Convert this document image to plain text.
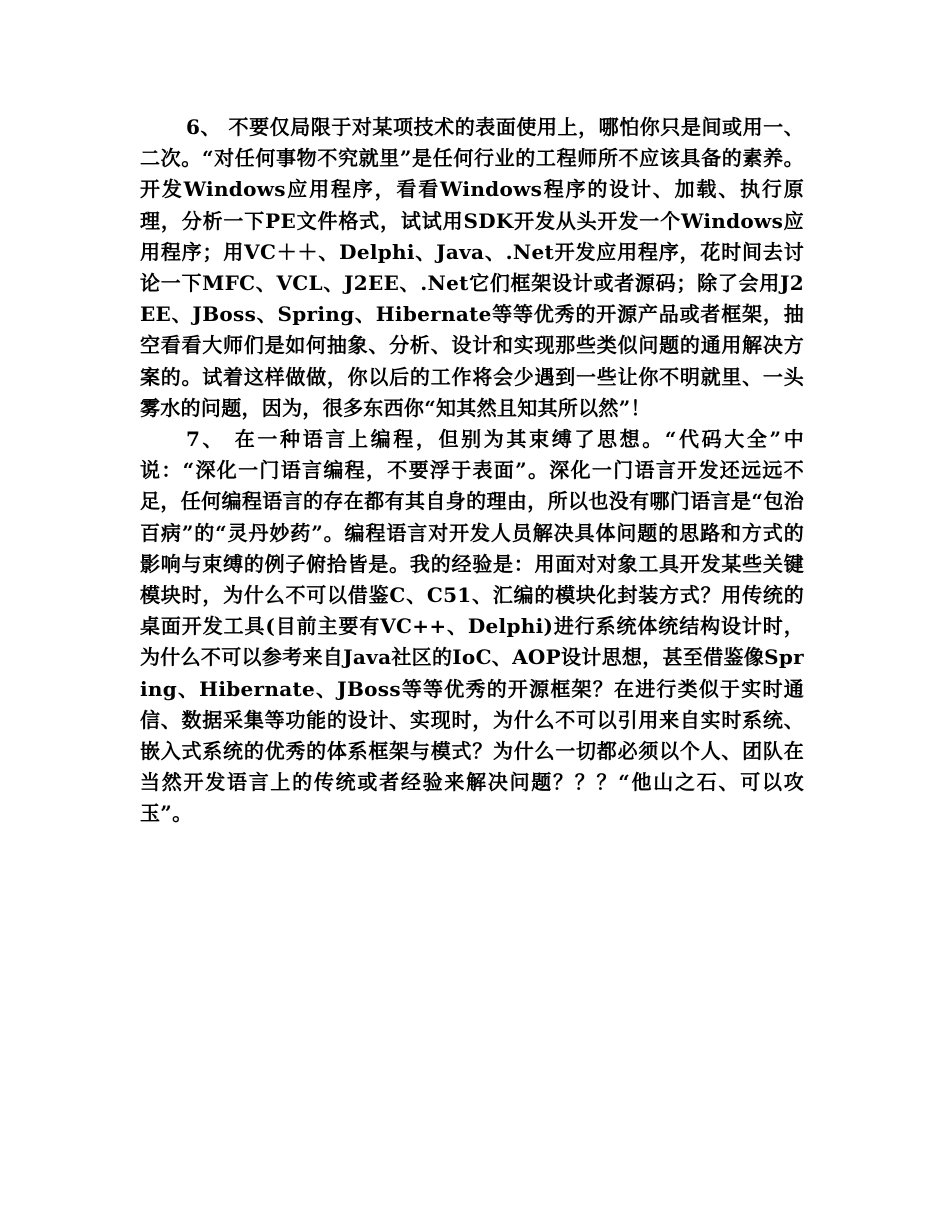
6、 不要仅局限于对某项技术的表面使用上，哪怕你只是间或用一、二次。“对任何事物不究就里”是任何行业的工程师所不应该具备的素养。开发Windows应用程序，看看Windows程序的设计、加载、执行原理，分析一下PE文件格式，试试用SDK开发从头开发一个Windows应用程序；用VC＋＋、Delphi、Java、.Net开发应用程序，花时间去讨论一下MFC、VCL、J2EE、.Net它们框架设计或者源码；除了会用J2EE、JBoss、Spring、Hibernate等等优秀的开源产品或者框架，抽空看看大师们是如何抽象、分析、设计和实现那些类似问题的通用解决方案的。试着这样做做，你以后的工作将会少遇到一些让你不明就里、一头雾水的问题，因为，很多东西你“知其然且知其所以然”！

7、 在一种语言上编程，但别为其束缚了思想。“代码大全”中说：“深化一门语言编程，不要浮于表面”。深化一门语言开发还远远不足，任何编程语言的存在都有其自身的理由，所以也没有哪门语言是“包治百病”的“灵丹妙药”。编程语言对开发人员解决具体问题的思路和方式的影响与束缚的例子俯拾皆是。我的经验是：用面对对象工具开发某些关键模块时，为什么不可以借鉴C、C51、汇编的模块化封装方式？用传统的桌面开发工具(目前主要有VC++、Delphi)进行系统体统结构设计时，为什么不可以参考来自Java社区的IoC、AOP设计思想，甚至借鉴像Spring、Hibernate、JBoss等等优秀的开源框架？在进行类似于实时通信、数据采集等功能的设计、实现时，为什么不可以引用来自实时系统、嵌入式系统的优秀的体系框架与模式？为什么一切都必须以个人、团队在当然开发语言上的传统或者经验来解决问题？？？“他山之石、可以攻玉”。
